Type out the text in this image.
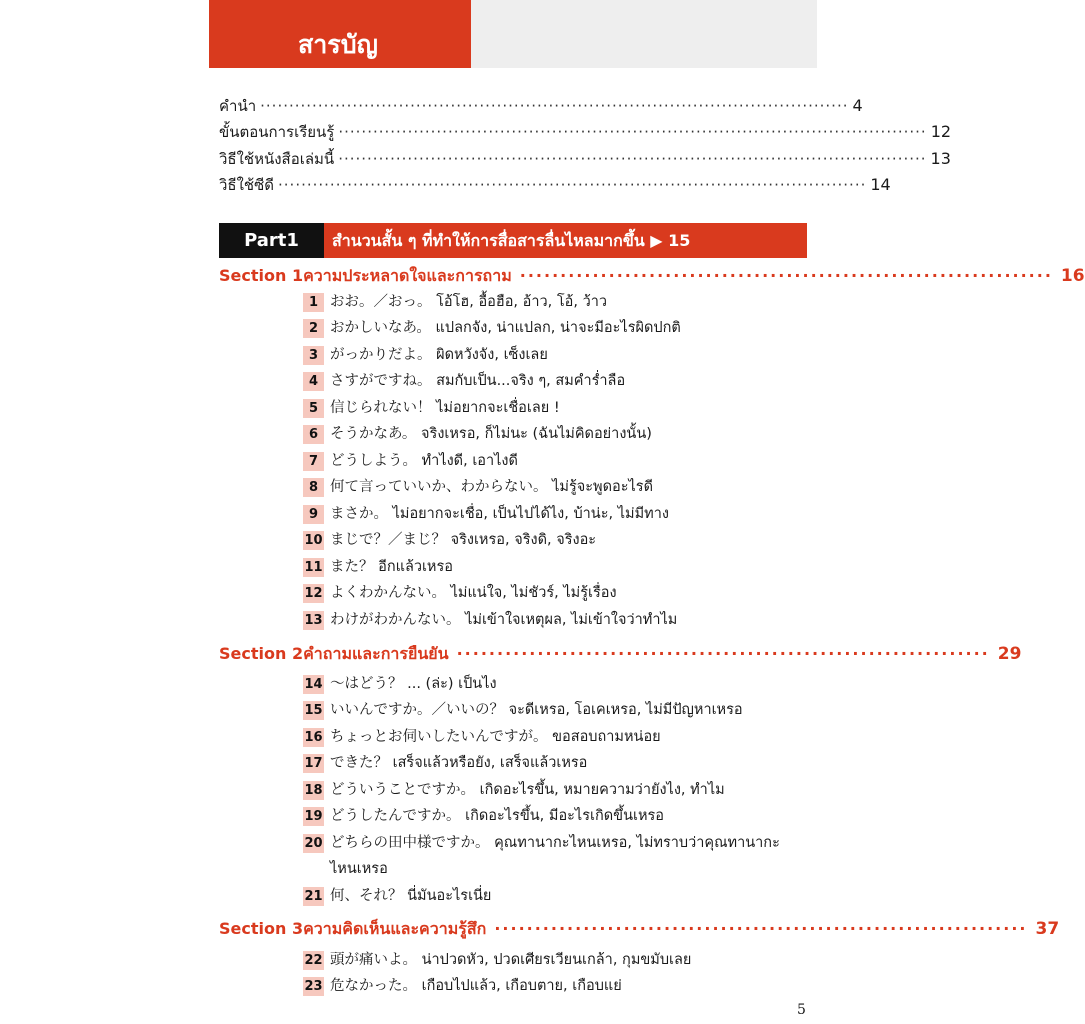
สารบัญ
คำนำ ······································································································ 4
ขั้นตอนการเรียนรู้ ······································································································ 12
วิธีใช้หนังสือเล่มนี้ ······································································································ 13
วิธีใช้ซีดี ······································································································ 14
Part1	สำนวนสั้น ๆ ที่ทำให้การสื่อสารลื่นไหลมากขึ้น ▶ 15
Section 1 ความประหลาดใจและการถาม ·································································· 16
1 おお。／おっ。 โอ้โฮ, อื้อฮือ, อ้าว, โอ้, ว้าว
2 おかしいなあ。 แปลกจัง, น่าแปลก, น่าจะมีอะไรผิดปกติ
3 がっかりだよ。 ผิดหวังจัง, เซ็งเลย
4 さすがですね。 สมกับเป็น...จริง ๆ, สมคำร่ำลือ
5 信じられない！ ไม่อยากจะเชื่อเลย !
6 そうかなあ。 จริงเหรอ, ก็ไม่นะ (ฉันไม่คิดอย่างนั้น)
7 どうしよう。 ทำไงดี, เอาไงดี
8 何て言っていいか、わからない。 ไม่รู้จะพูดอะไรดี
9 まさか。 ไม่อยากจะเชื่อ, เป็นไปได้ไง, บ้าน่ะ, ไม่มีทาง
10 まじで？／まじ？ จริงเหรอ, จริงดิ, จริงอะ
11 また？ อีกแล้วเหรอ
12 よくわかんない。 ไม่แน่ใจ, ไม่ชัวร์, ไม่รู้เรื่อง
13 わけがわかんない。 ไม่เข้าใจเหตุผล, ไม่เข้าใจว่าทำไม
Section 2 คำถามและการยืนยัน ·································································· 29
14 ～はどう？ ... (ล่ะ) เป็นไง
15 いいんですか。／いいの？ จะดีเหรอ, โอเคเหรอ, ไม่มีปัญหาเหรอ
16 ちょっとお伺いしたいんですが。 ขอสอบถามหน่อย
17 できた？ เสร็จแล้วหรือยัง, เสร็จแล้วเหรอ
18 どういうことですか。 เกิดอะไรขึ้น, หมายความว่ายังไง, ทำไม
19 どうしたんですか。 เกิดอะไรขึ้น, มีอะไรเกิดขึ้นเหรอ
20 どちらの田中様ですか。 คุณทานากะไหนเหรอ, ไม่ทราบว่าคุณทานากะไหนเหรอ
21 何、それ？ นี่มันอะไรเนี่ย
Section 3 ความคิดเห็นและความรู้สึก ·································································· 37
22 頭が痛いよ。 น่าปวดหัว, ปวดเศียรเวียนเกล้า, กุมขมับเลย
23 危なかった。 เกือบไปแล้ว, เกือบตาย, เกือบแย่
5
